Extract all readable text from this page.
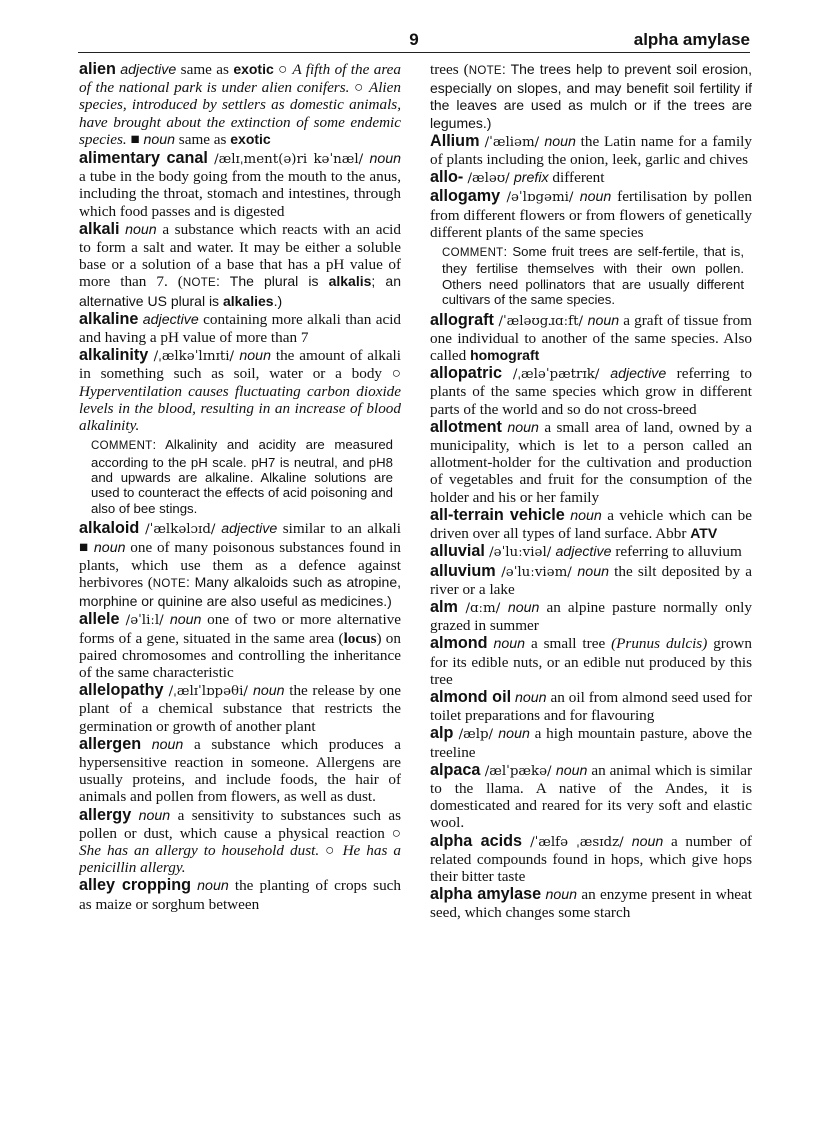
9	alpha amylase
alien adjective same as exotic ○ A fifth of the area of the national park is under alien conifers. ○ Alien species, introduced by settlers as domestic animals, have brought about the extinction of some endemic species. ■ noun same as exotic
alimentary canal /ælɪˌment(ə)ri kəˈnæl/ noun a tube in the body going from the mouth to the anus, including the throat, stomach and intestines, through which food passes and is digested
alkali noun a substance which reacts with an acid to form a salt and water. It may be either a soluble base or a solution of a base that has a pH value of more than 7. (NOTE: The plural is alkalis; an alternative US plural is alkalies.)
alkaline adjective containing more alkali than acid and having a pH value of more than 7
alkalinity /ˌælkəˈlɪnɪti/ noun the amount of alkali in something such as soil, water or a body ○ Hyperventilation causes fluctuating carbon dioxide levels in the blood, resulting in an increase of blood alkalinity.
COMMENT: Alkalinity and acidity are measured according to the pH scale. pH7 is neutral, and pH8 and upwards are alkaline. Alkaline solutions are used to counteract the effects of acid poisoning and also of bee stings.
alkaloid /ˈælkəlɔɪd/ adjective similar to an alkali ■ noun one of many poisonous substances found in plants, which use them as a defence against herbivores (NOTE: Many alkaloids such as atropine, morphine or quinine are also useful as medicines.)
allele /əˈliːl/ noun one of two or more alternative forms of a gene, situated in the same area (locus) on paired chromosomes and controlling the inheritance of the same characteristic
allelopathy /ˌælɪˈlɒpəθi/ noun the release by one plant of a chemical substance that restricts the germination or growth of another plant
allergen noun a substance which produces a hypersensitive reaction in someone. Allergens are usually proteins, and include foods, the hair of animals and pollen from flowers, as well as dust.
allergy noun a sensitivity to substances such as pollen or dust, which cause a physical reaction ○ She has an allergy to household dust. ○ He has a penicillin allergy.
alley cropping noun the planting of crops such as maize or sorghum between
trees (NOTE: The trees help to prevent soil erosion, especially on slopes, and may benefit soil fertility if the leaves are used as mulch or if the trees are legumes.)
Allium /ˈæliəm/ noun the Latin name for a family of plants including the onion, leek, garlic and chives
allo- /æləʊ/ prefix different
allogamy /əˈlɒgəmi/ noun fertilisation by pollen from different flowers or from flowers of genetically different plants of the same species
COMMENT: Some fruit trees are self-fertile, that is, they fertilise themselves with their own pollen. Others need pollinators that are usually different cultivars of the same species.
allograft /ˈæləʊgɹɑːft/ noun a graft of tissue from one individual to another of the same species. Also called homograft
allopatric /ˌæləˈpætrɪk/ adjective referring to plants of the same species which grow in different parts of the world and so do not cross-breed
allotment noun a small area of land, owned by a municipality, which is let to a person called an allotment-holder for the cultivation and production of vegetables and fruit for the consumption of the holder and his or her family
all-terrain vehicle noun a vehicle which can be driven over all types of land surface. Abbr ATV
alluvial /əˈluːviəl/ adjective referring to alluvium
alluvium /əˈluːviəm/ noun the silt deposited by a river or a lake
alm /ɑːm/ noun an alpine pasture normally only grazed in summer
almond noun a small tree (Prunus dulcis) grown for its edible nuts, or an edible nut produced by this tree
almond oil noun an oil from almond seed used for toilet preparations and for flavouring
alp /ælp/ noun a high mountain pasture, above the treeline
alpaca /ælˈpækə/ noun an animal which is similar to the llama. A native of the Andes, it is domesticated and reared for its very soft and elastic wool.
alpha acids /ˈælfə ˌæsɪdz/ noun a number of related compounds found in hops, which give hops their bitter taste
alpha amylase noun an enzyme present in wheat seed, which changes some starch
